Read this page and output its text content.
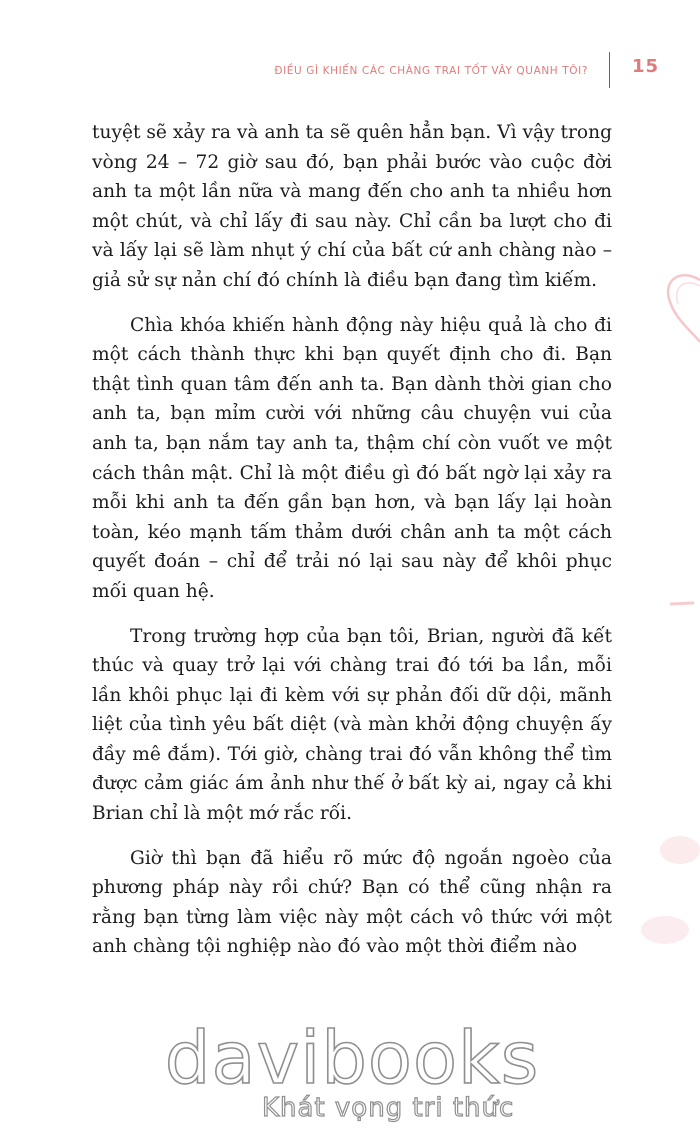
ĐIỀU GÌ KHIẾN CÁC CHÀNG TRAI TỐT VÂY QUANH TÔI? 15

tuyệt sẽ xảy ra và anh ta sẽ quên hẳn bạn. Vì vậy trong vòng 24 – 72 giờ sau đó, bạn phải bước vào cuộc đời anh ta một lần nữa và mang đến cho anh ta nhiều hơn một chút, và chỉ lấy đi sau này. Chỉ cần ba lượt cho đi và lấy lại sẽ làm nhụt ý chí của bất cứ anh chàng nào – giả sử sự nản chí đó chính là điều bạn đang tìm kiếm.

Chìa khóa khiến hành động này hiệu quả là cho đi một cách thành thực khi bạn quyết định cho đi. Bạn thật tình quan tâm đến anh ta. Bạn dành thời gian cho anh ta, bạn mỉm cười với những câu chuyện vui của anh ta, bạn nắm tay anh ta, thậm chí còn vuốt ve một cách thân mật. Chỉ là một điều gì đó bất ngờ lại xảy ra mỗi khi anh ta đến gần bạn hơn, và bạn lấy lại hoàn toàn, kéo mạnh tấm thảm dưới chân anh ta một cách quyết đoán – chỉ để trải nó lại sau này để khôi phục mối quan hệ.

Trong trường hợp của bạn tôi, Brian, người đã kết thúc và quay trở lại với chàng trai đó tới ba lần, mỗi lần khôi phục lại đi kèm với sự phản đối dữ dội, mãnh liệt của tình yêu bất diệt (và màn khởi động chuyện ấy đầy mê đắm). Tới giờ, chàng trai đó vẫn không thể tìm được cảm giác ám ảnh như thế ở bất kỳ ai, ngay cả khi Brian chỉ là một mớ rắc rối.

Giờ thì bạn đã hiểu rõ mức độ ngoắn ngoèo của phương pháp này rồi chứ? Bạn có thể cũng nhận ra rằng bạn từng làm việc này một cách vô thức với một anh chàng tội nghiệp nào đó vào một thời điểm nào

davibooks
Khát vọng tri thức
